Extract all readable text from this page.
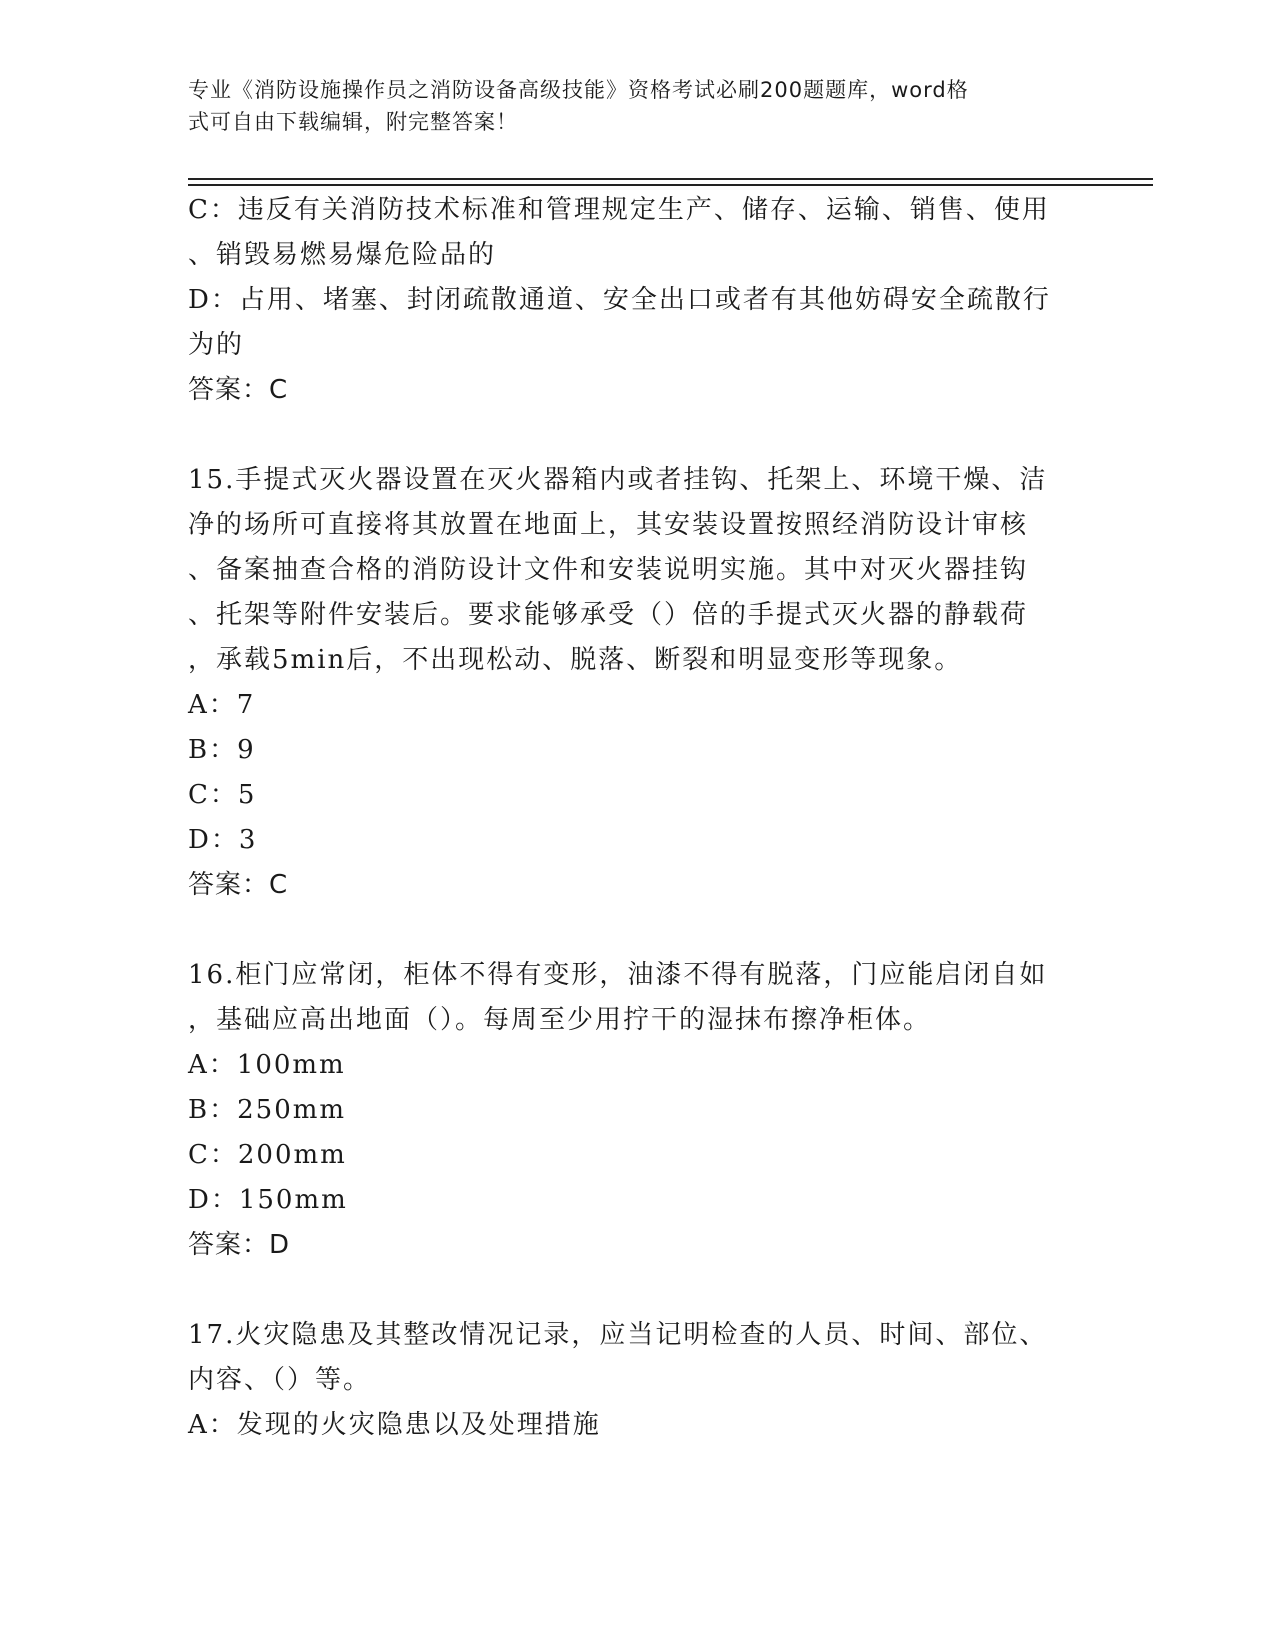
专业《消防设施操作员之消防设备高级技能》资格考试必刷200题题库，word格
式可自由下载编辑，附完整答案！

C：违反有关消防技术标准和管理规定生产、储存、运输、销售、使用

、销毁易燃易爆危险品的

D：占用、堵塞、封闭疏散通道、安全出口或者有其他妨碍安全疏散行

为的

答案：C

15.手提式灭火器设置在灭火器箱内或者挂钩、托架上、环境干燥、洁

净的场所可直接将其放置在地面上，其安装设置按照经消防设计审核

、备案抽查合格的消防设计文件和安装说明实施。其中对灭火器挂钩

、托架等附件安装后。要求能够承受（）倍的手提式灭火器的静载荷

，承载5min后，不出现松动、脱落、断裂和明显变形等现象。

A：7

B：9

C：5

D：3

答案：C

16.柜门应常闭，柜体不得有变形，油漆不得有脱落，门应能启闭自如

，基础应高出地面（）。每周至少用拧干的湿抹布擦净柜体。

A：100mm

B：250mm

C：200mm

D：150mm

答案：D

17.火灾隐患及其整改情况记录，应当记明检查的人员、时间、部位、

内容、（）等。

A：发现的火灾隐患以及处理措施
